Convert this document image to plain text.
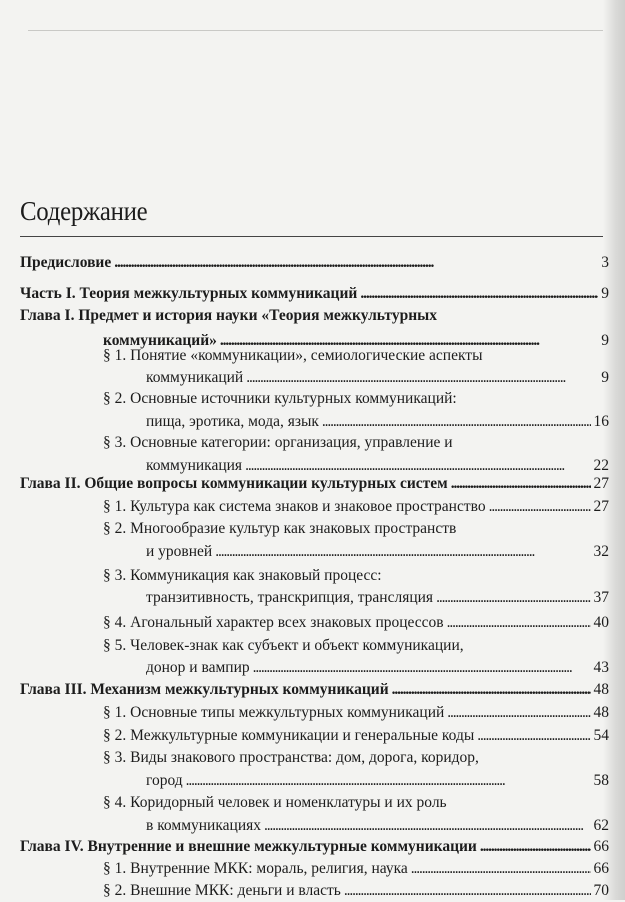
Содержание
Предисловие . . .	3
Часть I. Теория межкультурных коммуникаций . . .	9
Глава I. Предмет и история науки «Теория межкультурных
коммуникаций» . . .	9
§ 1. Понятие «коммуникации», семиологические аспекты
коммуникаций . . .	9
§ 2. Основные источники культурных коммуникаций:
пища, эротика, мода, язык . . .	16
§ 3. Основные категории: организация, управление и
коммуникация . . .	22
Глава II. Общие вопросы коммуникации культурных систем . . .	27
§ 1. Культура как система знаков и знаковое пространство . . .	27
§ 2. Многообразие культур как знаковых пространств
и уровней . . .	32
§ 3. Коммуникация как знаковый процесс:
транзитивность, транскрипция, трансляция . . .	37
§ 4. Агональный характер всех знаковых процессов . . .	40
§ 5. Человек-знак как субъект и объект коммуникации,
донор и вампир . . .	43
Глава III. Механизм межкультурных коммуникаций . . .	48
§ 1. Основные типы межкультурных коммуникаций . . .	48
§ 2. Межкультурные коммуникации и генеральные коды . . .	54
§ 3. Виды знакового пространства: дом, дорога, коридор,
город . . .	58
§ 4. Коридорный человек и номенклатуры и их роль
в коммуникациях . . .	62
Глава IV. Внутренние и внешние межкультурные коммуникации . . .	66
§ 1. Внутренние МКК: мораль, религия, наука . . .	66
§ 2. Внешние МКК: деньги и власть . . .	70
